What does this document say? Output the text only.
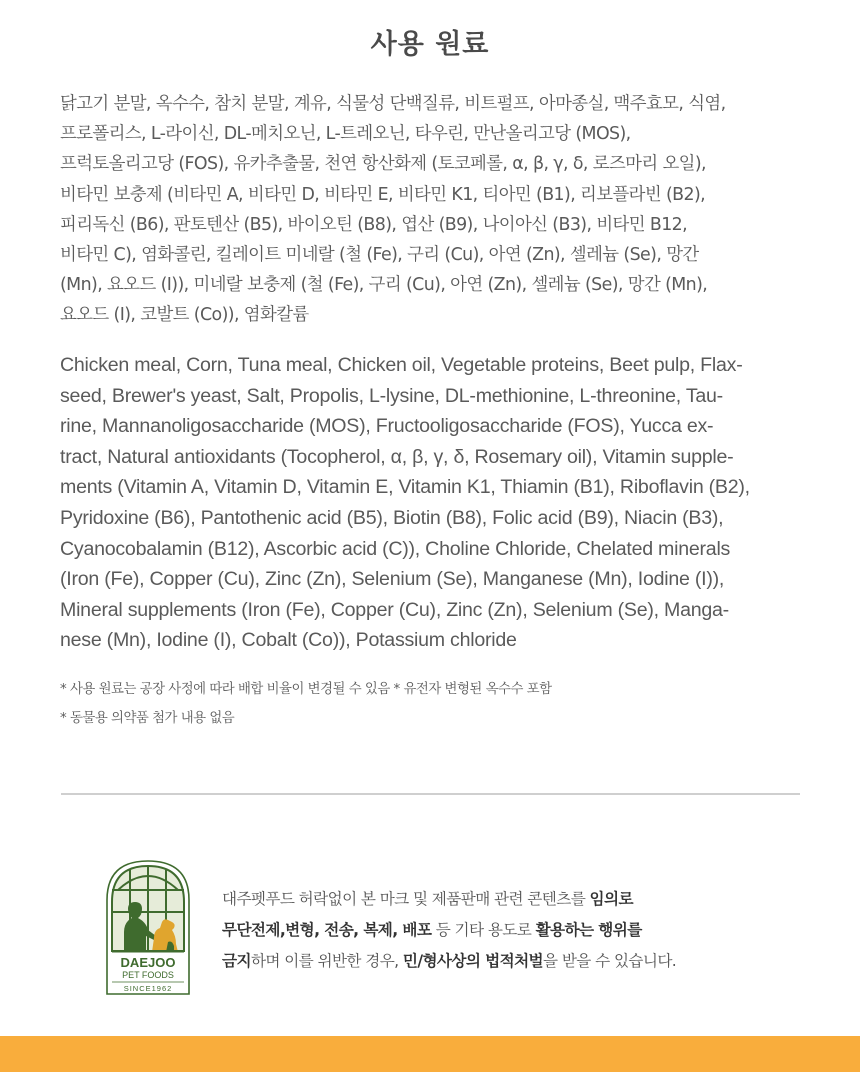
사용 원료
닭고기 분말, 옥수수, 참치 분말, 계유, 식물성 단백질류, 비트펄프, 아마종실, 맥주효모, 식염,
프로폴리스, L-라이신, DL-메치오닌, L-트레오닌, 타우린, 만난올리고당 (MOS),
프럭토올리고당 (FOS), 유카추출물, 천연 항산화제 (토코페롤, α, β, γ, δ, 로즈마리 오일),
비타민 보충제 (비타민 A, 비타민 D, 비타민 E, 비타민 K1, 티아민 (B1), 리보플라빈 (B2),
피리독신 (B6), 판토텐산 (B5), 바이오틴 (B8), 엽산 (B9), 나이아신 (B3), 비타민 B12,
비타민 C), 염화콜린, 킬레이트 미네랄 (철 (Fe), 구리 (Cu), 아연 (Zn), 셀레늄 (Se), 망간
(Mn), 요오드 (I)), 미네랄 보충제 (철 (Fe), 구리 (Cu), 아연 (Zn), 셀레늄 (Se), 망간 (Mn),
요오드 (I), 코발트 (Co)), 염화칼륨
Chicken meal, Corn, Tuna meal, Chicken oil, Vegetable proteins, Beet pulp, Flax-
seed, Brewer's yeast, Salt, Propolis, L-lysine, DL-methionine, L-threonine, Tau-
rine, Mannanoligosaccharide (MOS), Fructooligosaccharide (FOS), Yucca ex-
tract, Natural antioxidants (Tocopherol, α, β, γ, δ, Rosemary oil), Vitamin supple-
ments (Vitamin A, Vitamin D, Vitamin E, Vitamin K1, Thiamin (B1), Riboflavin (B2),
Pyridoxine (B6), Pantothenic acid (B5), Biotin (B8), Folic acid (B9), Niacin (B3),
Cyanocobalamin (B12), Ascorbic acid (C)), Choline Chloride, Chelated minerals
(Iron (Fe), Copper (Cu), Zinc (Zn), Selenium (Se), Manganese (Mn), Iodine (I)),
Mineral supplements (Iron (Fe), Copper (Cu), Zinc (Zn), Selenium (Se), Manga-
nese (Mn), Iodine (I), Cobalt (Co)), Potassium chloride
* 사용 원료는 공장 사정에 따라 배합 비율이 변경될 수 있음 * 유전자 변형된 옥수수 포함
* 동물용 의약품 첨가 내용 없음
DAEJOO
PET FOODS
SINCE1962
대주펫푸드 허락없이 본 마크 및 제품판매 관련 콘텐츠를 임의로
무단전제,변형, 전송, 복제, 배포 등 기타 용도로 활용하는 행위를
금지하며 이를 위반한 경우, 민/형사상의 법적처벌을 받을 수 있습니다.
